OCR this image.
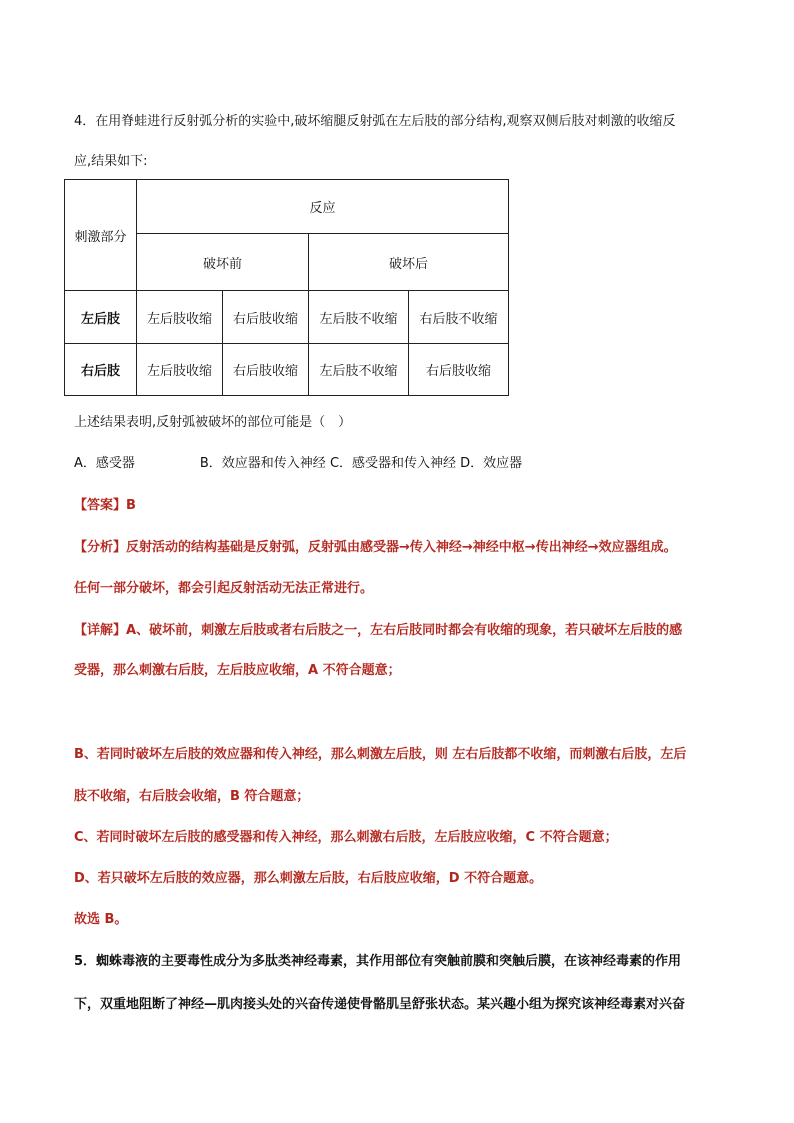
4．在用脊蛙进行反射弧分析的实验中,破坏缩腿反射弧在左后肢的部分结构,观察双侧后肢对刺激的收缩反
应,结果如下:
刺激部分	反应			
	破坏前		破坏后	
左后肢	左后肢收缩	右后肢收缩	左后肢不收缩	右后肢不收缩
右后肢	左后肢收缩	右后肢收缩	左后肢不收缩	右后肢收缩
上述结果表明,反射弧被破坏的部位可能是（　）
A．感受器　　　　　B．效应器和传入神经 C．感受器和传入神经 D．效应器
【答案】B
【分析】反射活动的结构基础是反射弧，反射弧由感受器→传入神经→神经中枢→传出神经→效应器组成。
任何一部分破坏，都会引起反射活动无法正常进行。
【详解】A、破坏前，刺激左后肢或者右后肢之一，左右后肢同时都会有收缩的现象，若只破坏左后肢的感
受器，那么刺激右后肢，左后肢应收缩，A 不符合题意；
B、若同时破坏左后肢的效应器和传入神经，那么刺激左后肢，则 左右后肢都不收缩，而刺激右后肢，左后
肢不收缩，右后肢会收缩，B 符合题意；
C、若同时破坏左后肢的感受器和传入神经，那么刺激右后肢，左后肢应收缩，C 不符合题意；
D、若只破坏左后肢的效应器，那么刺激左后肢，右后肢应收缩，D 不符合题意。
故选 B。
5．蜘蛛毒液的主要毒性成分为多肽类神经毒素，其作用部位有突触前膜和突触后膜，在该神经毒素的作用
下，双重地阻断了神经—肌肉接头处的兴奋传递使骨骼肌呈舒张状态。某兴趣小组为探究该神经毒素对兴奋
